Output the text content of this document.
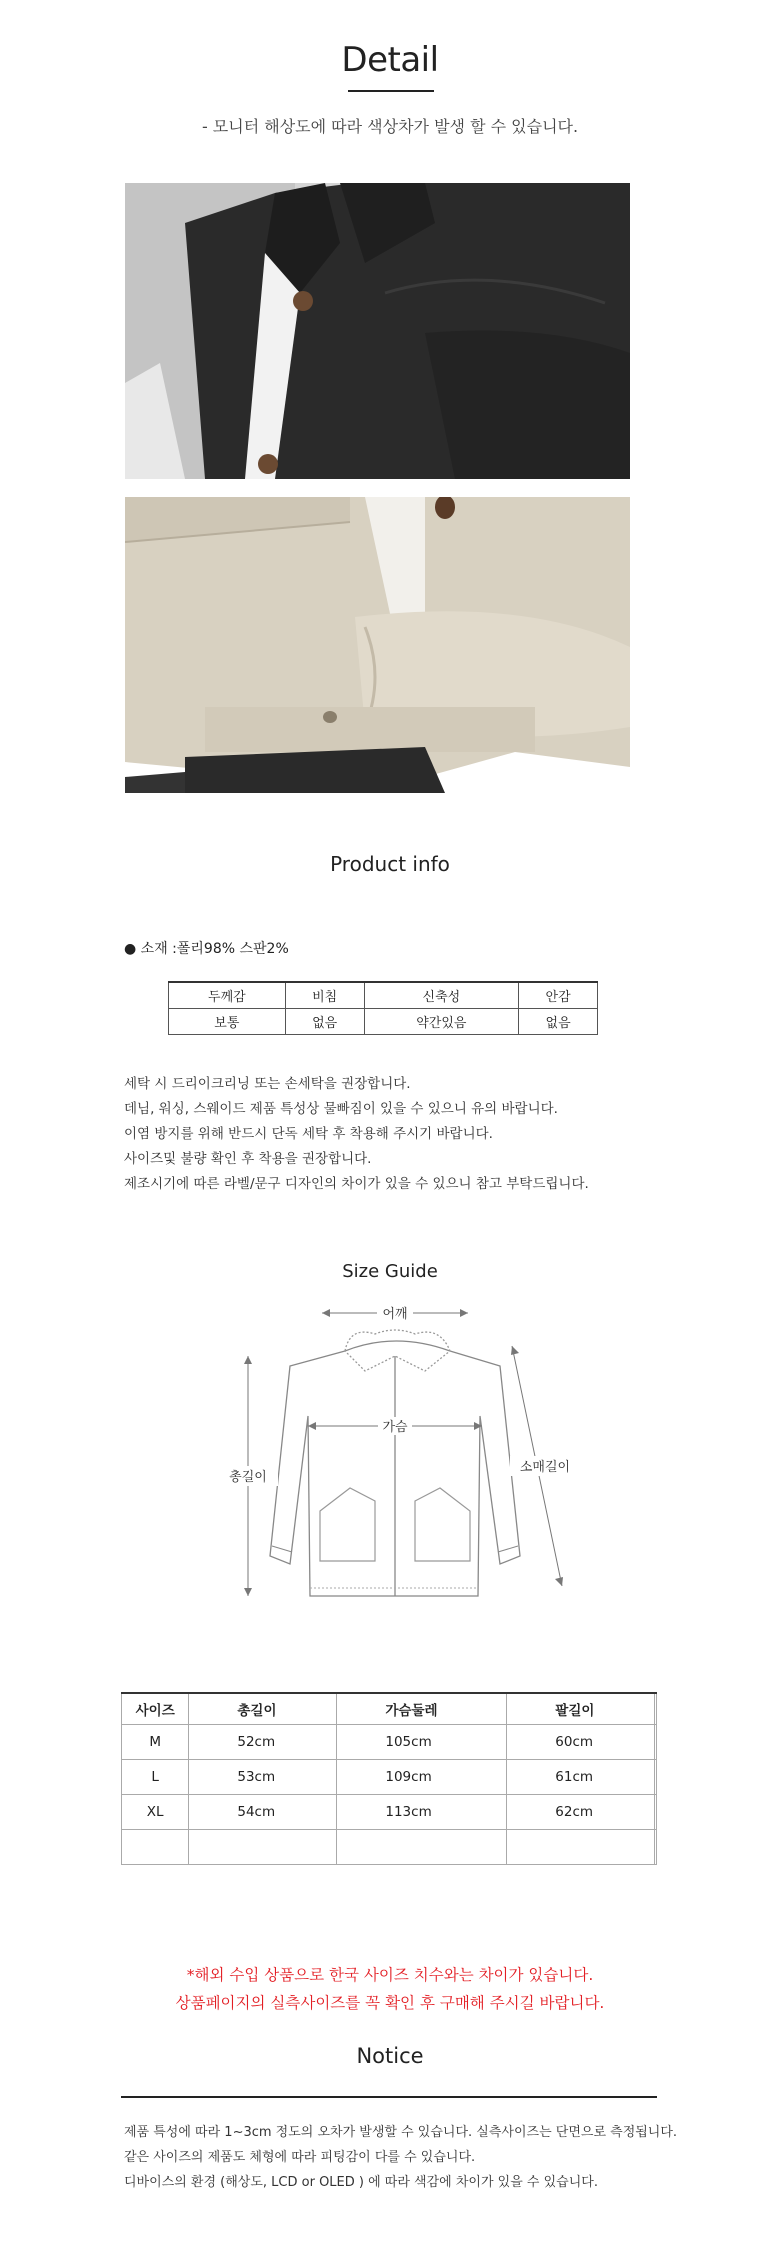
Detail
- 모니터 해상도에 따라 색상차가 발생 할 수 있습니다.
Product info
● 소재 :폴리98% 스판2%
두께감	비침	신축성	안감
보통	없음	약간있음	없음
세탁 시 드리이크리닝 또는 손세탁을 권장합니다.
데님, 워싱, 스웨이드 제품 특성상 물빠짐이 있을 수 있으니 유의 바랍니다.
이염 방지를 위해 반드시 단독 세탁 후 착용해 주시기 바랍니다.
사이즈및 불량 확인 후 착용을 권장합니다.
제조시기에 따른 라벨/문구 디자인의 차이가 있을 수 있으니 참고 부탁드립니다.
Size Guide
어깨
가슴
총길이
소매길이
사이즈	총길이	가슴둘레	팔길이	
M	52cm	105cm	60cm	
L	53cm	109cm	61cm	
XL	54cm	113cm	62cm	

*해외 수입 상품으로 한국 사이즈 치수와는 차이가 있습니다.
상품페이지의 실측사이즈를 꼭 확인 후 구매해 주시길 바랍니다.
Notice
제품 특성에 따라 1~3cm 정도의 오차가 발생할 수 있습니다. 실측사이즈는 단면으로 측정됩니다.
같은 사이즈의 제품도 체형에 따라 피팅감이 다를 수 있습니다.
디바이스의 환경 (해상도, LCD or OLED ) 에 따라 색감에 차이가 있을 수 있습니다.
